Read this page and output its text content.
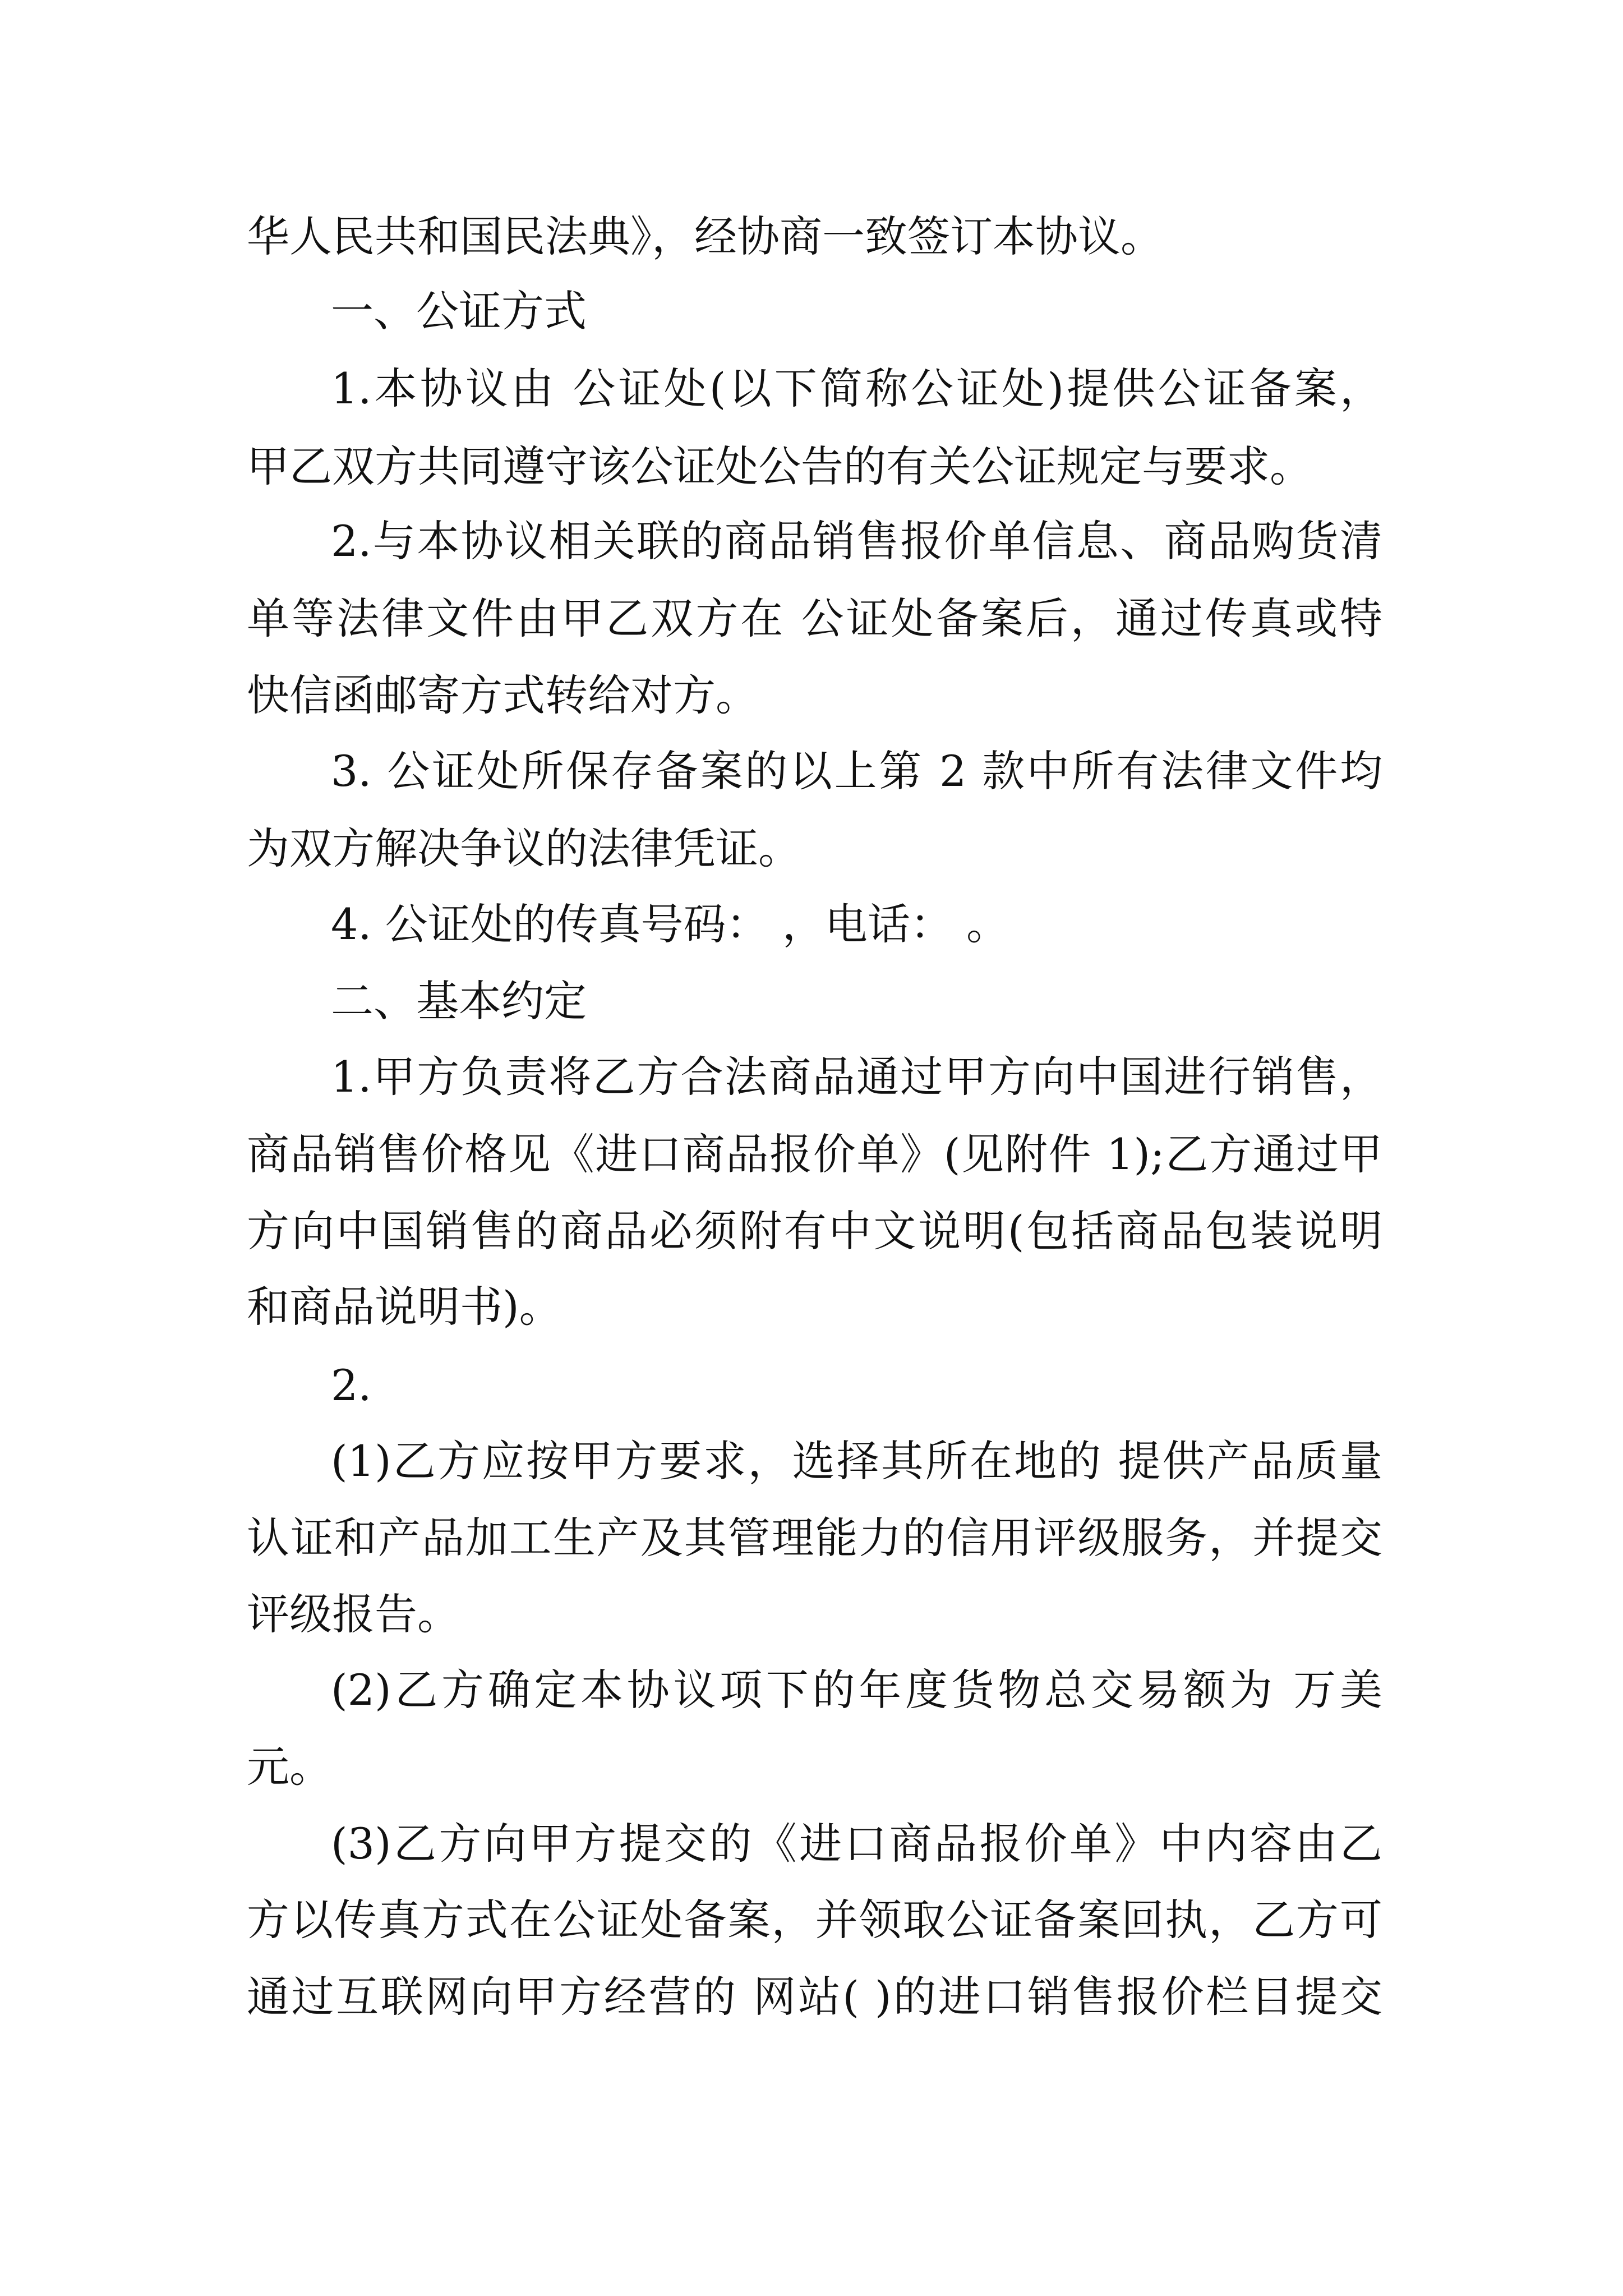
华人民共和国民法典》，经协商一致签订本协议。

一、公证方式

1.本协议由 公证处(以下简称公证处)提供公证备案，

甲乙双方共同遵守该公证处公告的有关公证规定与要求。

2.与本协议相关联的商品销售报价单信息、商品购货清

单等法律文件由甲乙双方在 公证处备案后，通过传真或特

快信函邮寄方式转给对方。

3. 公证处所保存备案的以上第 2 款中所有法律文件均

为双方解决争议的法律凭证。

4. 公证处的传真号码： ，电话： 。

二、基本约定

1.甲方负责将乙方合法商品通过甲方向中国进行销售，

商品销售价格见《进口商品报价单》(见附件 1);乙方通过甲

方向中国销售的商品必须附有中文说明(包括商品包装说明

和商品说明书)。

2.

(1)乙方应按甲方要求，选择其所在地的 提供产品质量

认证和产品加工生产及其管理能力的信用评级服务，并提交

评级报告。

(2)乙方确定本协议项下的年度货物总交易额为 万美

元。

(3)乙方向甲方提交的《进口商品报价单》中内容由乙

方以传真方式在公证处备案，并领取公证备案回执，乙方可

通过互联网向甲方经营的 网站( )的进口销售报价栏目提交
